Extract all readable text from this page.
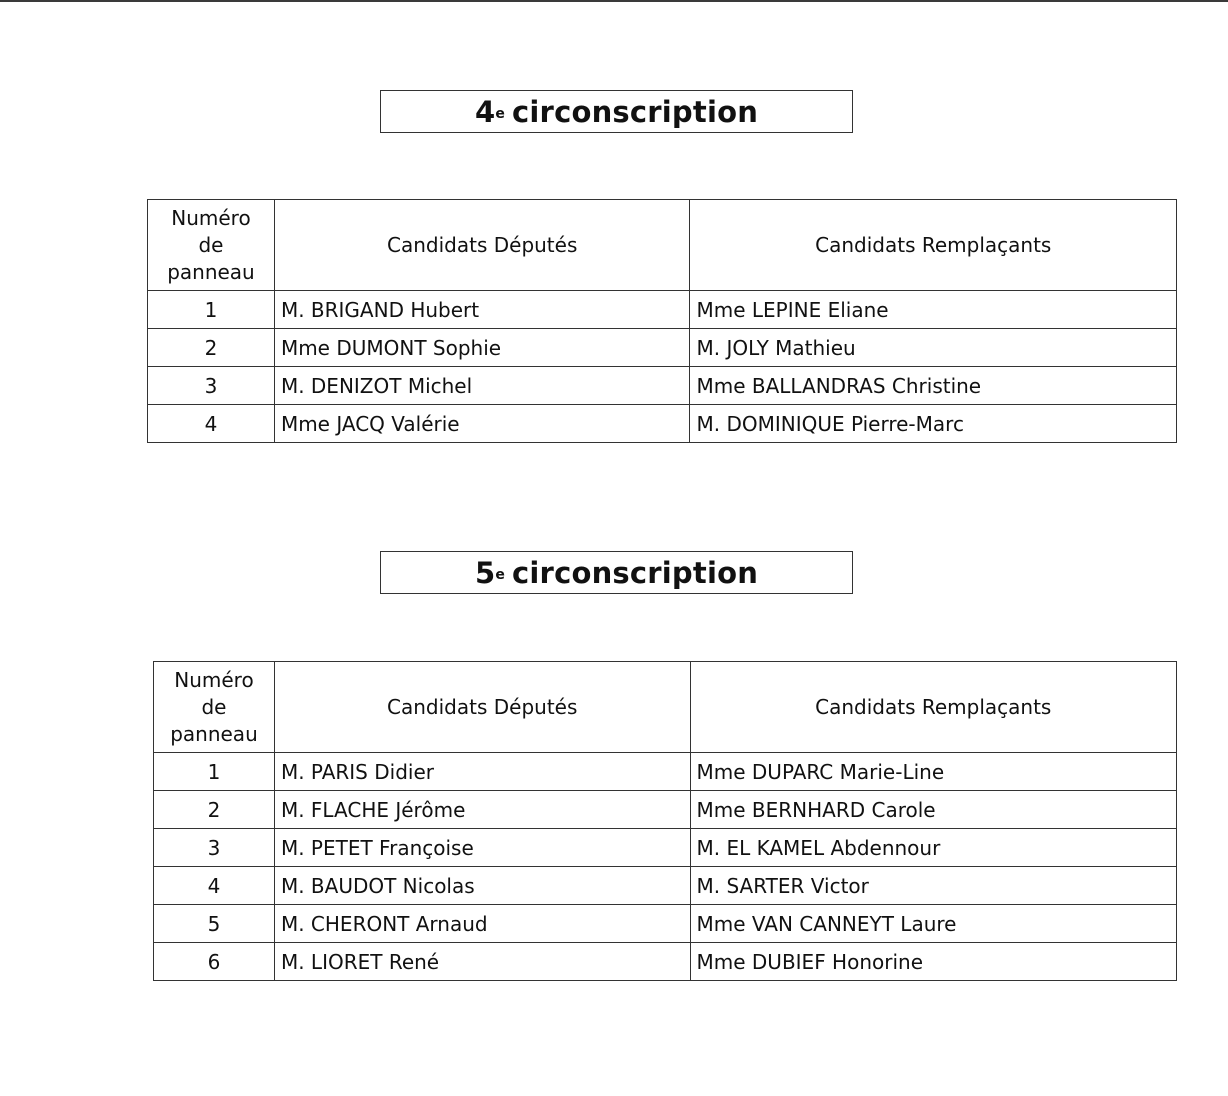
4e circonscription
Numéro
de
panneau	Candidats Députés	Candidats Remplaçants
1	M. BRIGAND Hubert	Mme LEPINE Eliane
2	Mme DUMONT Sophie	M. JOLY Mathieu
3	M. DENIZOT Michel	Mme BALLANDRAS Christine
4	Mme JACQ Valérie	M. DOMINIQUE Pierre-Marc
5e circonscription
Numéro
de
panneau	Candidats Députés	Candidats Remplaçants
1	M. PARIS Didier	Mme DUPARC Marie-Line
2	M. FLACHE Jérôme	Mme BERNHARD Carole
3	M. PETET Françoise	M. EL KAMEL Abdennour
4	M. BAUDOT Nicolas	M. SARTER Victor
5	M. CHERONT Arnaud	Mme VAN CANNEYT Laure
6	M. LIORET René	Mme DUBIEF Honorine
